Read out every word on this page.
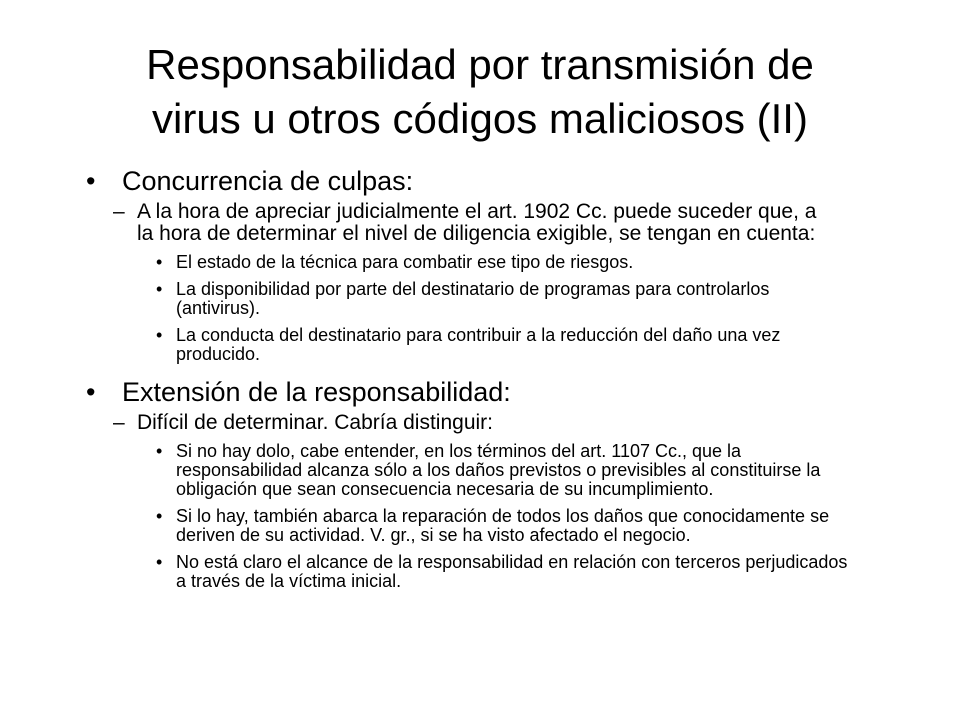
Responsabilidad por transmisión de
virus u otros códigos maliciosos (II)
• Concurrencia de culpas:
– A la hora de apreciar judicialmente el art. 1902 Cc. puede suceder que, a la hora de determinar el nivel de diligencia exigible, se tengan en cuenta:
• El estado de la técnica para combatir ese tipo de riesgos.
• La disponibilidad por parte del destinatario de programas para controlarlos (antivirus).
• La conducta del destinatario para contribuir a la reducción del daño una vez producido.
• Extensión de la responsabilidad:
– Difícil de determinar. Cabría distinguir:
• Si no hay dolo, cabe entender, en los términos del art. 1107 Cc., que la responsabilidad alcanza sólo a los daños previstos o previsibles al constituirse la obligación que sean consecuencia necesaria de su incumplimiento.
• Si lo hay, también abarca la reparación de todos los daños que conocidamente se deriven de su actividad. V. gr., si se ha visto afectado el negocio.
• No está claro el alcance de la responsabilidad en relación con terceros perjudicados a través de la víctima inicial.
